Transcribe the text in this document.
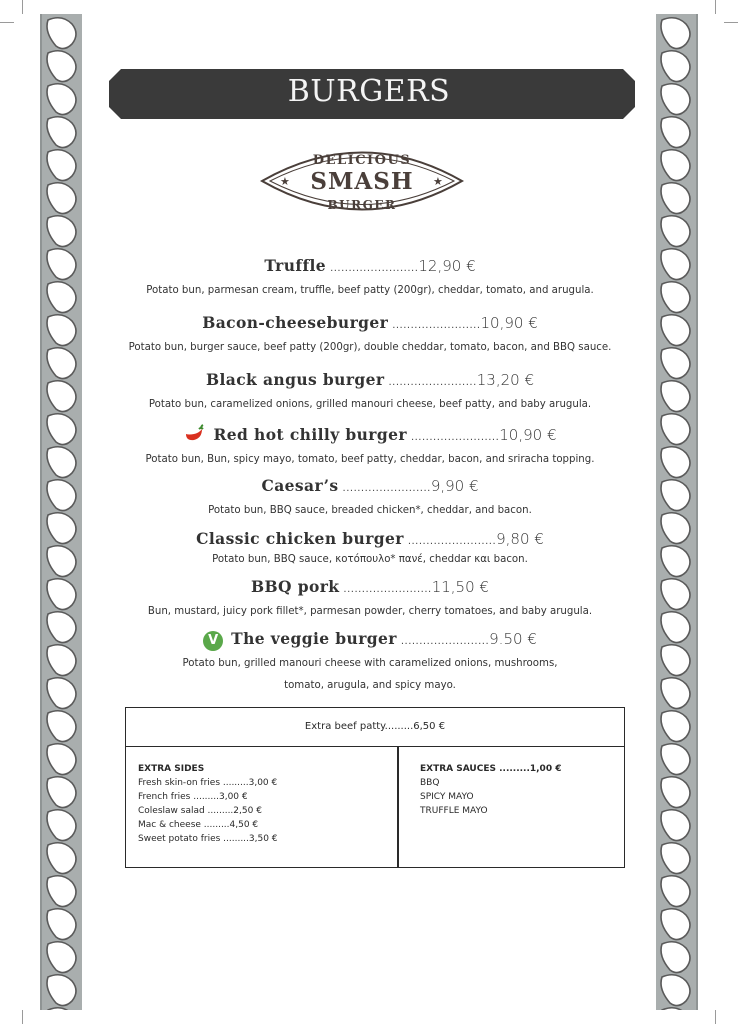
BURGERS
★	★
DELICIOUS
SMASH
BURGER
Truffle ........................12,90 €
Potato bun, parmesan cream, truffle, beef patty (200gr), cheddar, tomato, and arugula.
Bacon-cheeseburger ........................10,90 €
Potato bun, burger sauce, beef patty (200gr), double cheddar, tomato, bacon, and BBQ sauce.
Black angus burger ........................13,20 €
Potato bun, caramelized onions, grilled manouri cheese, beef patty, and baby arugula.
Red hot chilly burger ........................10,90 €
Potato bun, Bun, spicy mayo, tomato, beef patty, cheddar, bacon, and sriracha topping.
Caesar’s ........................9,90 €
Potato bun, BBQ sauce, breaded chicken*, cheddar, and bacon.
Classic chicken burger ........................9,80 €
Potato bun, BBQ sauce, κοτόπουλο* πανέ, cheddar και bacon.
BBQ pork ........................11,50 €
Bun, mustard, juicy pork fillet*, parmesan powder, cherry tomatoes, and baby arugula.
V The veggie burger ........................9.50 €
Potato bun, grilled manouri cheese with caramelized onions, mushrooms,
tomato, arugula, and spicy mayo.
Extra beef patty.........6,50 €
EXTRA SIDES
Fresh skin-on fries .........3,00 €
French fries .........3,00 €
Coleslaw salad .........2,50 €
Mac & cheese .........4,50 €
Sweet potato fries .........3,50 €
EXTRA SAUCES .........1,00 €
BBQ
SPICY MAYO
TRUFFLE MAYO
